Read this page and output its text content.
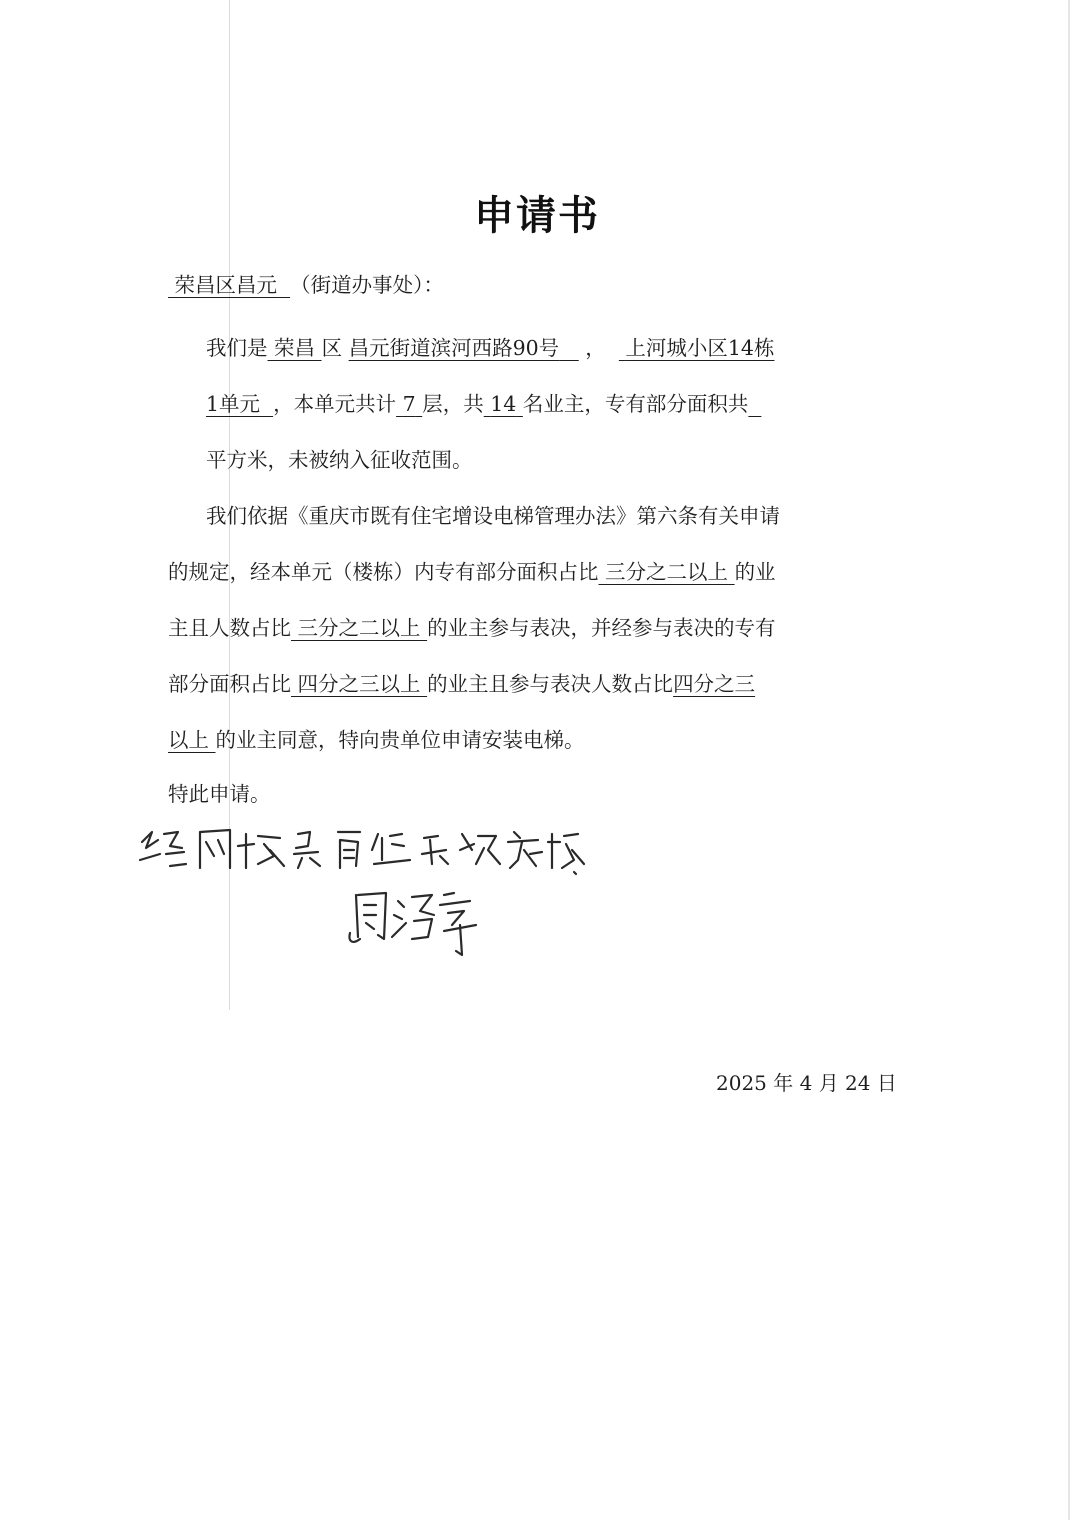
申请书
荣昌区昌元 （街道办事处）：
我们是 荣昌 区 昌元街道滨河西路90号 ， 上河城小区14栋
1单元 ，本单元共计 7 层，共 14 名业主，专有部分面积共
平方米，未被纳入征收范围。
我们依据《重庆市既有住宅增设电梯管理办法》第六条有关申请
的规定，经本单元（楼栋）内专有部分面积占比 三分之二以上 的业
主且人数占比 三分之二以上 的业主参与表决，并经参与表决的专有
部分面积占比 四分之三以上 的业主且参与表决人数占比四分之三
以上 的业主同意，特向贵单位申请安装电梯。
特此申请。
2025 年 4 月 24 日
